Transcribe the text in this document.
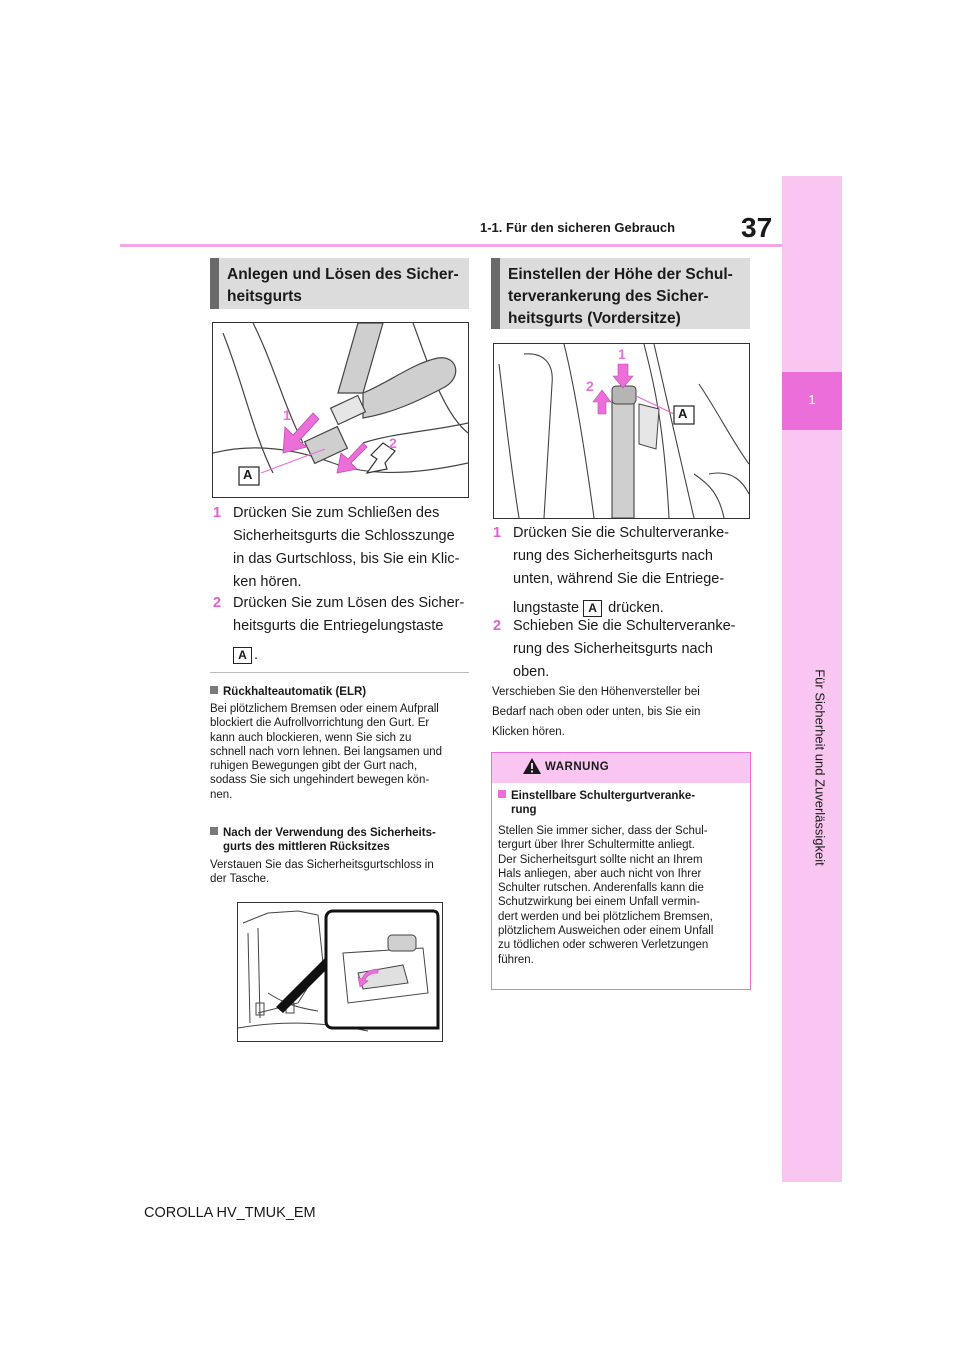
1
Für Sicherheit und Zuverlässigkeit
37
1-1. Für den sicheren Gebrauch
Anlegen und Lösen des Sicher-
heitsgurts
A
1
2
1 Drücken Sie zum Schließen des
Sicherheitsgurts die Schlosszunge
in das Gurtschloss, bis Sie ein Klic-
ken hören.
2 Drücken Sie zum Lösen des Sicher-
heitsgurts die Entriegelungstaste
A .
Rückhalteautomatik (ELR)
Bei plötzlichem Bremsen oder einem Aufprall
blockiert die Aufrollvorrichtung den Gurt. Er
kann auch blockieren, wenn Sie sich zu
schnell nach vorn lehnen. Bei langsamen und
ruhigen Bewegungen gibt der Gurt nach,
sodass Sie sich ungehindert bewegen kön-
nen.
Nach der Verwendung des Sicherheits-
gurts des mittleren Rücksitzes
Verstauen Sie das Sicherheitsgurtschloss in
der Tasche.
Einstellen der Höhe der Schul-
terverankerung des Sicher-
heitsgurts (Vordersitze)
A
1
2
1 Drücken Sie die Schulterveranke-
rung des Sicherheitsgurts nach
unten, während Sie die Entriege-
lungstaste A drücken.
2 Schieben Sie die Schulterveranke-
rung des Sicherheitsgurts nach
oben.
Verschieben Sie den Höhenversteller bei
Bedarf nach oben oder unten, bis Sie ein
Klicken hören.
WARNUNG
Einstellbare Schultergurtveranke-
rung
Stellen Sie immer sicher, dass der Schul-
tergurt über Ihrer Schultermitte anliegt.
Der Sicherheitsgurt sollte nicht an Ihrem
Hals anliegen, aber auch nicht von Ihrer
Schulter rutschen. Anderenfalls kann die
Schutzwirkung bei einem Unfall vermin-
dert werden und bei plötzlichem Bremsen,
plötzlichem Ausweichen oder einem Unfall
zu tödlichen oder schweren Verletzungen
führen.
COROLLA HV_TMUK_EM
